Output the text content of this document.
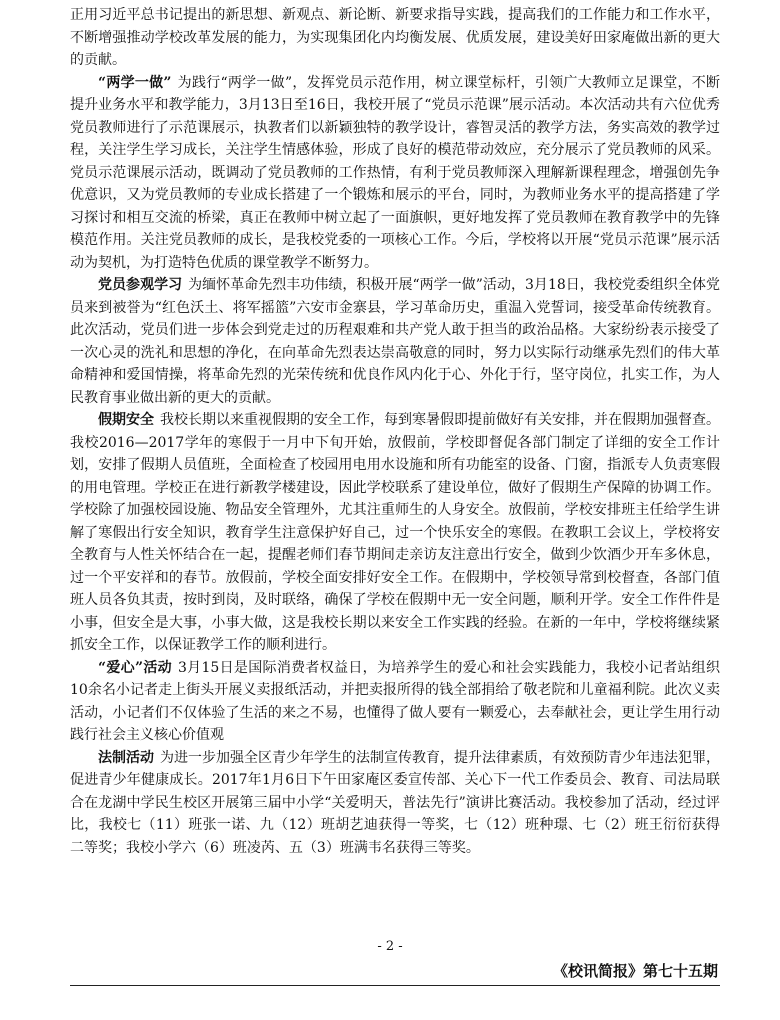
正用习近平总书记提出的新思想、新观点、新论断、新要求指导实践，提高我们的工作能力和工作水平，不断增强推动学校改革发展的能力，为实现集团化内均衡发展、优质发展，建设美好田家庵做出新的更大的贡献。

“两学一做” 为践行“两学一做”，发挥党员示范作用，树立课堂标杆，引领广大教师立足课堂，不断提升业务水平和教学能力，3月13日至16日，我校开展了“党员示范课”展示活动。本次活动共有六位优秀党员教师进行了示范课展示，执教者们以新颖独特的教学设计，睿智灵活的教学方法，务实高效的教学过程，关注学生学习成长，关注学生情感体验，形成了良好的模范带动效应，充分展示了党员教师的风采。党员示范课展示活动，既调动了党员教师的工作热情，有利于党员教师深入理解新课程理念，增强创先争优意识，又为党员教师的专业成长搭建了一个锻炼和展示的平台，同时，为教师业务水平的提高搭建了学习探讨和相互交流的桥梁，真正在教师中树立起了一面旗帜，更好地发挥了党员教师在教育教学中的先锋模范作用。关注党员教师的成长，是我校党委的一项核心工作。今后，学校将以开展“党员示范课”展示活动为契机，为打造特色优质的课堂教学不断努力。

党员参观学习 为缅怀革命先烈丰功伟绩，积极开展“两学一做”活动，3月18日，我校党委组织全体党员来到被誉为“红色沃土、将军摇篮”六安市金寨县，学习革命历史，重温入党誓词，接受革命传统教育。此次活动，党员们进一步体会到党走过的历程艰难和共产党人敢于担当的政治品格。大家纷纷表示接受了一次心灵的洗礼和思想的净化，在向革命先烈表达崇高敬意的同时，努力以实际行动继承先烈们的伟大革命精神和爱国情操，将革命先烈的光荣传统和优良作风内化于心、外化于行，坚守岗位，扎实工作，为人民教育事业做出新的更大的贡献。

假期安全 我校长期以来重视假期的安全工作，每到寒暑假即提前做好有关安排，并在假期加强督查。我校2016—2017学年的寒假于一月中下旬开始，放假前，学校即督促各部门制定了详细的安全工作计划，安排了假期人员值班，全面检查了校园用电用水设施和所有功能室的设备、门窗，指派专人负责寒假的用电管理。学校正在进行新教学楼建设，因此学校联系了建设单位，做好了假期生产保障的协调工作。学校除了加强校园设施、物品安全管理外，尤其注重师生的人身安全。放假前，学校安排班主任给学生讲解了寒假出行安全知识，教育学生注意保护好自己，过一个快乐安全的寒假。在教职工会议上，学校将安全教育与人性关怀结合在一起，提醒老师们春节期间走亲访友注意出行安全，做到少饮酒少开车多休息，过一个平安祥和的春节。放假前，学校全面安排好安全工作。在假期中，学校领导常到校督查，各部门值班人员各负其责，按时到岗，及时联络，确保了学校在假期中无一安全问题，顺利开学。安全工作件件是小事，但安全是大事，小事大做，这是我校长期以来安全工作实践的经验。在新的一年中，学校将继续紧抓安全工作，以保证教学工作的顺利进行。

“爱心”活动 3月15日是国际消费者权益日，为培养学生的爱心和社会实践能力，我校小记者站组织10余名小记者走上街头开展义卖报纸活动，并把卖报所得的钱全部捐给了敬老院和儿童福利院。此次义卖活动，小记者们不仅体验了生活的来之不易，也懂得了做人要有一颗爱心，去奉献社会，更让学生用行动践行社会主义核心价值观

法制活动 为进一步加强全区青少年学生的法制宣传教育，提升法律素质，有效预防青少年违法犯罪，促进青少年健康成长。2017年1月6日下午田家庵区委宣传部、关心下一代工作委员会、教育、司法局联合在龙湖中学民生校区开展第三届中小学“关爱明天，普法先行”演讲比赛活动。我校参加了活动，经过评比，我校七（11）班张一诺、九（12）班胡艺迪获得一等奖，七（12）班种璟、七（2）班王衍衍获得二等奖；我校小学六（6）班凌芮、五（3）班满韦名获得三等奖。

- 2 -
《校讯简报》第七十五期
